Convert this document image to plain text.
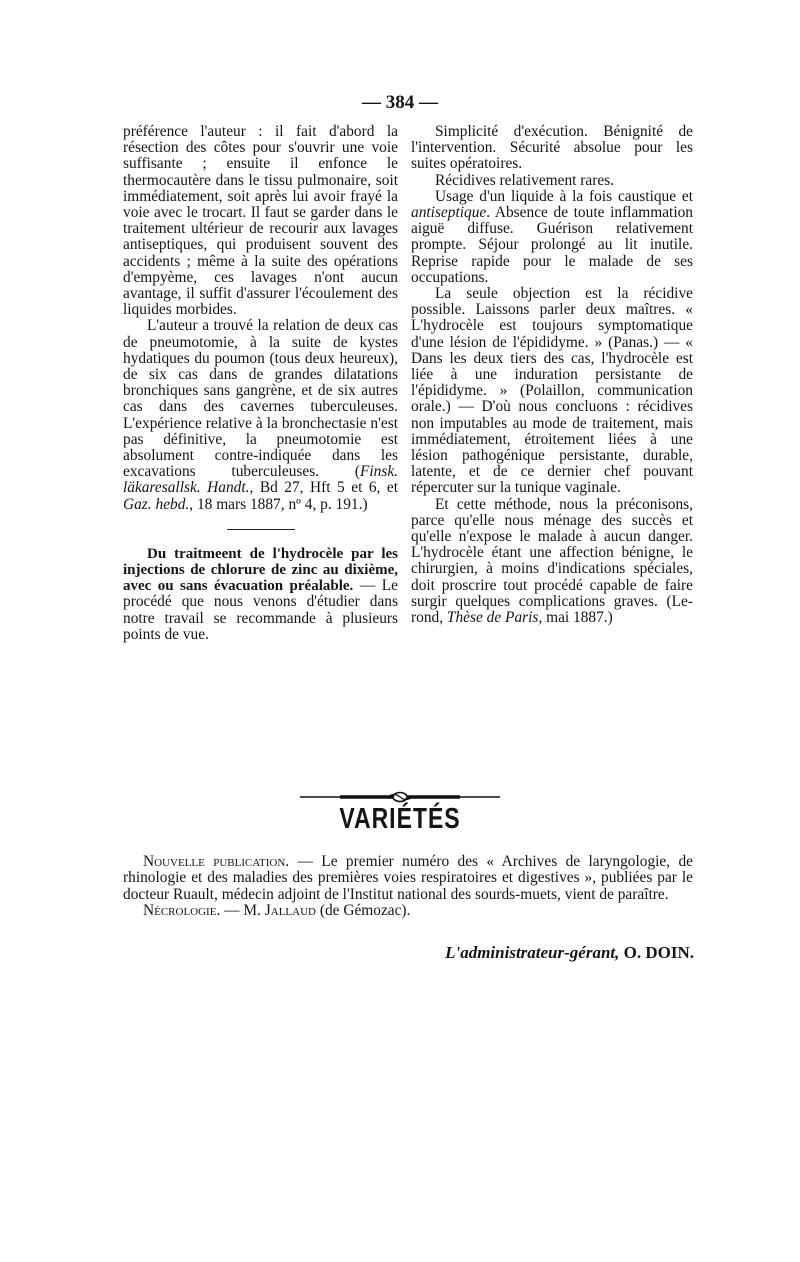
— 384 —

préférence l'auteur : il fait d'abord la résection des côtes pour s'ouvrir une voie suffisante ; ensuite il enfonce le thermocautère dans le tissu pulmonaire, soit immédiatement, soit après lui avoir frayé la voie avec le trocart. Il faut se garder dans le traitement ultérieur de recourir aux lavages antiseptiques, qui produisent souvent des accidents ; même à la suite des opérations d'empyème, ces lavages n'ont aucun avantage, il suffit d'assurer l'écoulement des liquides morbides.

L'auteur a trouvé la relation de deux cas de pneumotomie, à la suite de kystes hydatiques du poumon (tous deux heureux), de six cas dans de grandes dilatations bronchiques sans gangrène, et de six autres cas dans des cavernes tuberculeuses. L'expérience relative à la bronchectasie n'est pas définitive, la pneumotomie est absolument contre-indiquée dans les excavations tuberculeuses. (Finsk. läkaresallsk. Handt., Bd 27, Hft 5 et 6, et Gaz. hebd., 18 mars 1887, nº 4, p. 191.)

Du traitmeent de l'hydrocèle par les injections de chlorure de zinc au dixième, avec ou sans évacuation préalable. — Le procédé que nous venons d'étudier dans notre travail se recommande à plusieurs points de vue.

Simplicité d'exécution. Bénignité de l'intervention. Sécurité absolue pour les suites opératoires.

Récidives relativement rares.

Usage d'un liquide à la fois caustique et antiseptique. Absence de toute inflammation aiguë diffuse. Guérison relativement prompte. Séjour prolongé au lit inutile. Reprise rapide pour le malade de ses occupations.

La seule objection est la récidive possible. Laissons parler deux maîtres. « L'hydrocèle est toujours symptomatique d'une lésion de l'épididyme. » (Panas.) — « Dans les deux tiers des cas, l'hydrocèle est liée à une induration persistante de l'épididyme. » (Polaillon, communication orale.) — D'où nous concluons : récidives non imputables au mode de traitement, mais immédiatement, étroitement liées à une lésion pathogénique persistante, durable, latente, et de ce dernier chef pouvant répercuter sur la tunique vaginale.

Et cette méthode, nous la préconisons, parce qu'elle nous ménage des succès et qu'elle n'expose le malade à aucun danger. L'hydrocèle étant une affection bénigne, le chirurgien, à moins d'indications spéciales, doit proscrire tout procédé capable de faire surgir quelques complications graves. (Le-rond, Thèse de Paris, mai 1887.)

VARIÉTÉS

Nouvelle publication. — Le premier numéro des « Archives de laryngologie, de rhinologie et des maladies des premières voies respiratoires et digestives », publiées par le docteur Ruault, médecin adjoint de l'Institut national des sourds-muets, vient de paraître.

Nécrologie. — M. Jallaud (de Gémozac).

L'administrateur-gérant, O. DOIN.
